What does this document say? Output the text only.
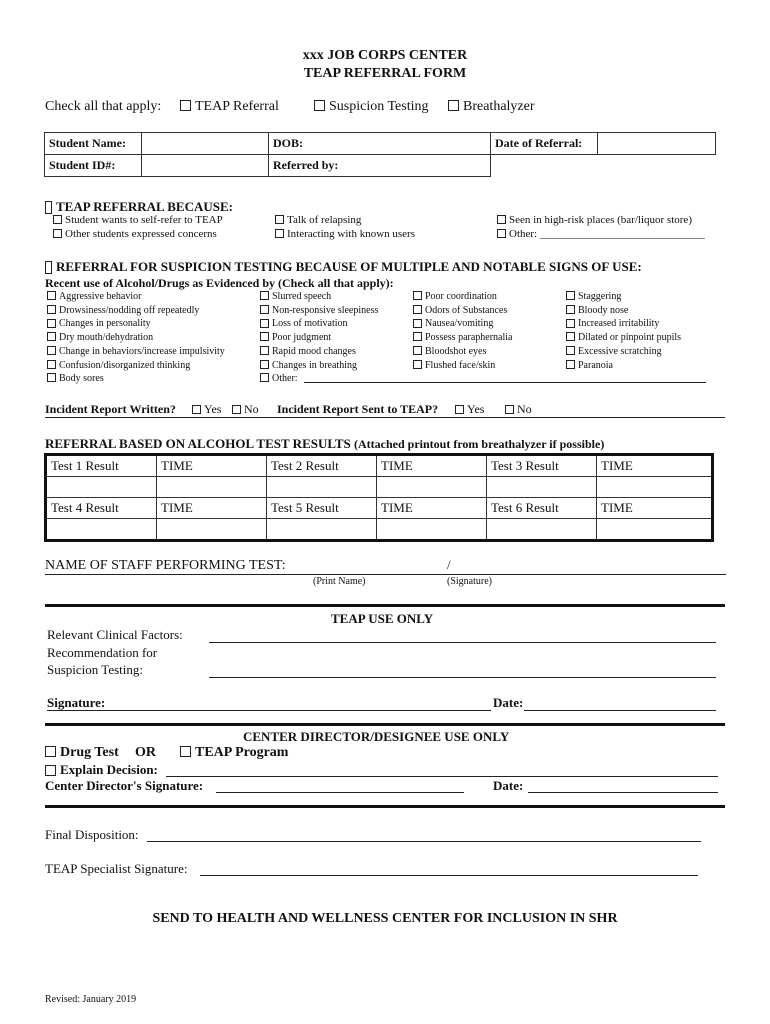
xxx JOB CORPS CENTER
TEAP REFERRAL FORM
Check all that apply:	TEAP Referral	Suspicion Testing	Breathalyzer
Student Name:		DOB:	Date of Referral:	
Student ID#:		Referred by:		
TEAP REFERRAL BECAUSE:
Student wants to self-refer to TEAP
Other students expressed concerns
Talk of relapsing
Interacting with known users
Seen in high-risk places (bar/liquor store)
Other: ______________________________
REFERRAL FOR SUSPICION TESTING BECAUSE OF MULTIPLE AND NOTABLE SIGNS OF USE:
Recent use of Alcohol/Drugs as Evidenced by (Check all that apply):
Aggressive behavior
Drowsiness/nodding off repeatedly
Changes in personality
Dry mouth/dehydration
Change in behaviors/increase impulsivity
Confusion/disorganized thinking
Body sores
Slurred speech
Non-responsive sleepiness
Loss of motivation
Poor judgment
Rapid mood changes
Changes in breathing
Other:
Poor coordination
Odors of Substances
Nausea/vomiting
Possess paraphernalia
Bloodshot eyes
Flushed face/skin
Staggering
Bloody nose
Increased irritability
Dilated or pinpoint pupils
Excessive scratching
Paranoia
Incident Report Written?	Yes	No Incident Report Sent to TEAP?	Yes	No
REFERRAL BASED ON ALCOHOL TEST RESULTS (Attached printout from breathalyzer if possible)
Test 1 Result	TIME	Test 2 Result	TIME	Test 3 Result	TIME

Test 4 Result	TIME	Test 5 Result	TIME	Test 6 Result	TIME

NAME OF STAFF PERFORMING TEST:	/
(Print Name)	(Signature)
TEAP USE ONLY
Relevant Clinical Factors:
Recommendation for
Suspicion Testing:
Signature:	Date:
CENTER DIRECTOR/DESIGNEE USE ONLY
Drug Test OR	TEAP Program
Explain Decision:
Center Director's Signature:	Date:
Final Disposition:
TEAP Specialist Signature:
SEND TO HEALTH AND WELLNESS CENTER FOR INCLUSION IN SHR
Revised: January 2019
